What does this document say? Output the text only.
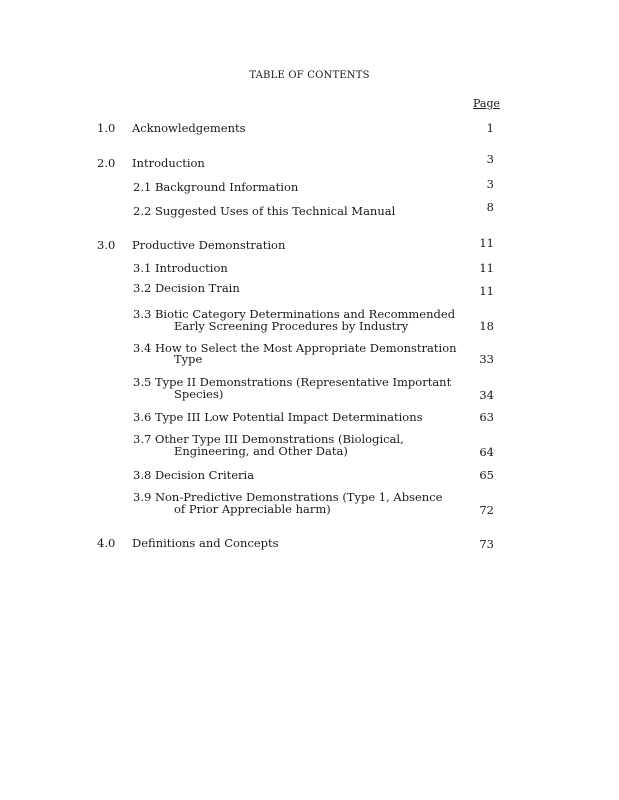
TABLE OF CONTENTS
Page
1.0 Acknowledgements	1
2.0 Introduction	3
2.1 Background Information	3
2.2 Suggested Uses of this Technical Manual	8
3.0 Productive Demonstration	11
3.1 Introduction	11
3.2 Decision Train	11
3.3 Biotic Category Determinations and Recommended
Early Screening Procedures by Industry	18
3.4 How to Select the Most Appropriate Demonstration
Type	33
3.5 Type II Demonstrations (Representative Important
Species)	34
3.6 Type III Low Potential Impact Determinations	63
3.7 Other Type III Demonstrations (Biological,
Engineering, and Other Data)	64
3.8 Decision Criteria	65
3.9 Non-Predictive Demonstrations (Type 1, Absence
of Prior Appreciable harm)	72
4.0 Definitions and Concepts	73
